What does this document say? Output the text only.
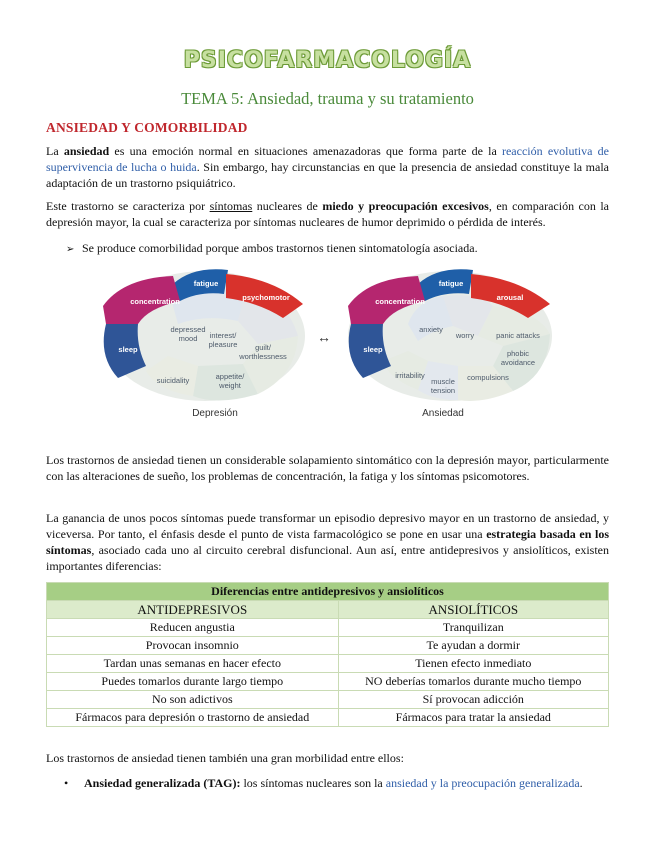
PSICOFARMACOLOGÍA
TEMA 5: Ansiedad, trauma y su tratamiento
ANSIEDAD Y COMORBILIDAD

La ansiedad es una emoción normal en situaciones amenazadoras que forma parte de la reacción evolutiva de supervivencia de lucha o huida. Sin embargo, hay circunstancias en que la presencia de ansiedad constituye la mala adaptación de un trastorno psiquiátrico.

Este trastorno se caracteriza por síntomas nucleares de miedo y preocupación excesivos, en comparación con la depresión mayor, la cual se caracteriza por síntomas nucleares de humor deprimido o pérdida de interés.

➢ Se produce comorbilidad porque ambos trastornos tienen sintomatología asociada.
concentration
fatigue
psychomotor
sleep
depressed
mood interest/
pleasure guilt/
worthlessness
suicidality	appetite/
weight
Depresión
↔
concentration
fatigue
arousal
sleep
anxiety
worry	panic attacks
phobic
avoidance
irritability
muscle
tension
compulsions
Ansiedad

Los trastornos de ansiedad tienen un considerable solapamiento sintomático con la depresión mayor, particularmente con las alteraciones de sueño, los problemas de concentración, la fatiga y los síntomas psicomotores.

La ganancia de unos pocos síntomas puede transformar un episodio depresivo mayor en un trastorno de ansiedad, y viceversa. Por tanto, el énfasis desde el punto de vista farmacológico se pone en usar una estrategia basada en los síntomas, asociado cada uno al circuito cerebral disfuncional. Aun así, entre antidepresivos y ansiolíticos, existen importantes diferencias:

Diferencias entre antidepresivos y ansiolíticos	
ANTIDEPRESIVOS	ANSIOLÍTICOS
Reducen angustia	Tranquilizan
Provocan insomnio	Te ayudan a dormir
Tardan unas semanas en hacer efecto	Tienen efecto inmediato
Puedes tomarlos durante largo tiempo	NO deberías tomarlos durante mucho tiempo
No son adictivos	Sí provocan adicción
Fármacos para depresión o trastorno de ansiedad	Fármacos para tratar la ansiedad

Los trastornos de ansiedad tienen también una gran morbilidad entre ellos:

• Ansiedad generalizada (TAG): los síntomas nucleares son la ansiedad y la preocupación generalizada.
